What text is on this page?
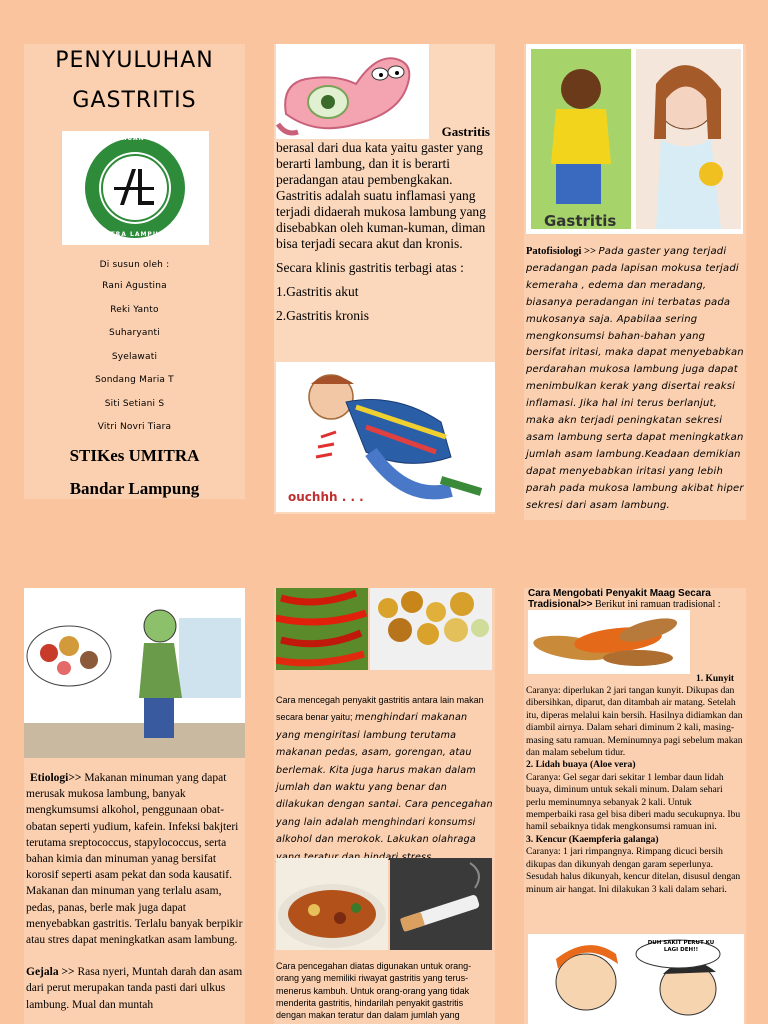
PENYULUHAN
GASTRITIS
PERGURUAN TINGGI
MITRA LAMPUNG
Di susun oleh :
Rani Agustina
Reki Yanto
Suharyanti
Syelawati
Sondang Maria T
Siti Setiani S
Vitri Novri Tiara
STIKes UMITRA
Bandar Lampung
Gastritis

berasal dari dua kata yaitu gaster yang berarti lambung, dan it is berarti peradangan atau pembengkakan. Gastritis adalah suatu inflamasi yang terjadi didaerah mukosa lambung yang disebabkan oleh kuman-kuman, diman bisa terjadi secara akut dan kronis.

Secara klinis gastritis terbagi atas :

1.Gastritis akut

2.Gastritis kronis

ouchhh . . .
Gastritis
Patofisiologi >> Pada gaster yang terjadi peradangan pada lapisan mokusa terjadi kemeraha , edema dan meradang, biasanya peradangan ini terbatas pada mukosanya saja. Apabilaa sering mengkonsumsi bahan-bahan yang bersifat iritasi, maka dapat menyebabkan perdarahan mukosa lambung juga dapat menimbulkan kerak yang disertai reaksi inflamasi. Jika hal ini terus berlanjut, maka akn terjadi peningkatan sekresi asam lambung serta dapat meningkatkan jumlah asam lambung.Keadaan demikian dapat menyebabkan iritasi yang lebih parah pada mukosa lambung akibat hiper sekresi dari asam lambung.

Etiologi>> Makanan minuman yang dapat merusak mukosa lambung, banyak mengkumsumsi alkohol, penggunaan obat-obatan seperti yudium, kafein. Infeksi bakjteri terutama sreptococcus, stapylococcus, serta bahan kimia dan minuman yanag bersifat korosif seperti asam pekat dan soda kausatif. Makanan dan minuman yang terlalu asam, pedas, panas, berle mak juga dapat menyebabkan gastritis. Terlalu banyak berpikir atau stres dapat meningkatkan asam lambung.

Gejala >> Rasa nyeri, Muntah darah dan asam dari perut merupakan tanda pasti dari ulkus lambung. Mual dan muntah

Cara mencegah penyakit gastritis antara lain makan secara benar yaitu; menghindari makanan yang mengiritasi lambung terutama makanan pedas, asam, gorengan, atau berlemak. Kita juga harus makan dalam jumlah dan waktu yang benar dan dilakukan dengan santai. Cara pencegahan yang lain adalah menghindari konsumsi alkohol dan merokok. Lakukan olahraga
Cara pencegahan diatas digunakan untuk orang-orang yang memiliki riwayat gastritis yang terus-menerus kambuh. Untuk orang-orang yang tidak menderita gastritis, hindarilah penyakit gastritis dengan makan teratur dan dalam jumlah yang
Cara Mengobati Penyakit Maag Secara Tradisional>> Berikut ini ramuan tradisional :
1. Kunyit

Caranya: diperlukan 2 jari tangan kunyit. Dikupas dan dibersihkan, diparut, dan ditambah air matang. Setelah itu, diperas melalui kain bersih. Hasilnya didiamkan dan diambil airnya. Dalam sehari diminum 2 kali, masing-masing satu ramuan. Meminumnya pagi sebelum makan dan malam sebelum tidur.

2. Lidah buaya (Aloe vera)

Caranya: Gel segar dari sekitar 1 lembar daun lidah buaya, diminum untuk sekali minum. Dalam sehari perlu meminumnya sebanyak 2 kali. Untuk memperbaiki rasa gel bisa diberi madu secukupnya. Ibu hamil sebaiknya tidak mengkonsumsi ramuan ini.

3. Kencur (Kaempferia galanga)

Caranya: 1 jari rimpangnya. Rimpang dicuci bersih dikupas dan dikunyah dengan garam seperlunya. Sesudah halus dikunyah, kencur ditelan, disusul dengan minum air hangat. Ini dilakukan 3 kali dalam sehari.

DUH SAKIT PERUT KU LAGI DEH!!
